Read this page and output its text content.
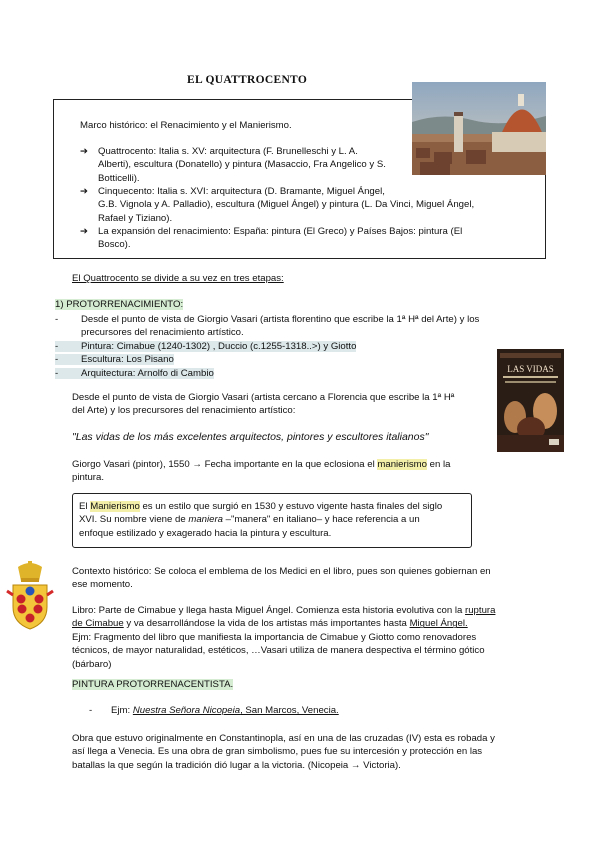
EL QUATTROCENTO
Marco histórico: el Renacimiento y el Manierismo.
➔	Quattrocento: Italia s. XV: arquitectura (F. Brunelleschi y L. A.
Alberti), escultura (Donatello) y pintura (Masaccio, Fra Angelico y S.
Botticelli).
➔	Cinquecento: Italia s. XVI: arquitectura (D. Bramante, Miguel Ángel,
G.B. Vignola y A. Palladio), escultura (Miguel Ángel) y pintura (L. Da Vinci, Miguel Ángel,
Rafael y Tiziano).
➔	La expansión del renacimiento: España: pintura (El Greco) y Países Bajos: pintura (El
Bosco).
El Quattrocento se divide a su vez en tres etapas:
1) PROTORRENACIMIENTO:
- Desde el punto de vista de Giorgio Vasari (artista florentino que escribe la 1ª Hª del Arte) y los
precursores del renacimiento artístico.
- Pintura: Cimabue (1240-1302) , Duccio (c.1255-1318..>) y Giotto
- Escultura: Los Pisano
- Arquitectura: Arnolfo di Cambio	LAS VIDAS
Desde el punto de vista de Giorgio Vasari (artista cercano a Florencia que escribe la 1ª Hª
del Arte) y los precursores del renacimiento artístico:
"Las vidas de los más excelentes arquitectos, pintores y escultores italianos"
Giorgo Vasari (pintor), 1550 → Fecha importante en la que eclosiona el manierismo en la
pintura.
El Manierismo es un estilo que surgió en 1530 y estuvo vigente hasta finales del siglo
XVI. Su nombre viene de maniera –"manera" en italiano– y hace referencia a un
enfoque estilizado y exagerado hacia la pintura y escultura.
Contexto histórico: Se coloca el emblema de los Medici en el libro, pues son quienes gobiernan en
ese momento.
Libro: Parte de Cimabue y llega hasta Miguel Ángel. Comienza esta historia evolutiva con la ruptura
de Cimabue y va desarrollándose la vida de los artistas más importantes hasta Miguel Ángel.
Ejm: Fragmento del libro que manifiesta la importancia de Cimabue y Giotto como renovadores
técnicos, de mayor naturalidad, estéticos, …Vasari utiliza de manera despectiva el término gótico
(bárbaro)
PINTURA PROTORRENACENTISTA.
- Ejm: Nuestra Señora Nicopeia, San Marcos, Venecia.
Obra que estuvo originalmente en Constantinopla, así en una de las cruzadas (IV) esta es robada y
así llega a Venecia. Es una obra de gran simbolismo, pues fue su intercesión y protección en las
batallas la que según la tradición dió lugar a la victoria. (Nicopeia → Victoria).
